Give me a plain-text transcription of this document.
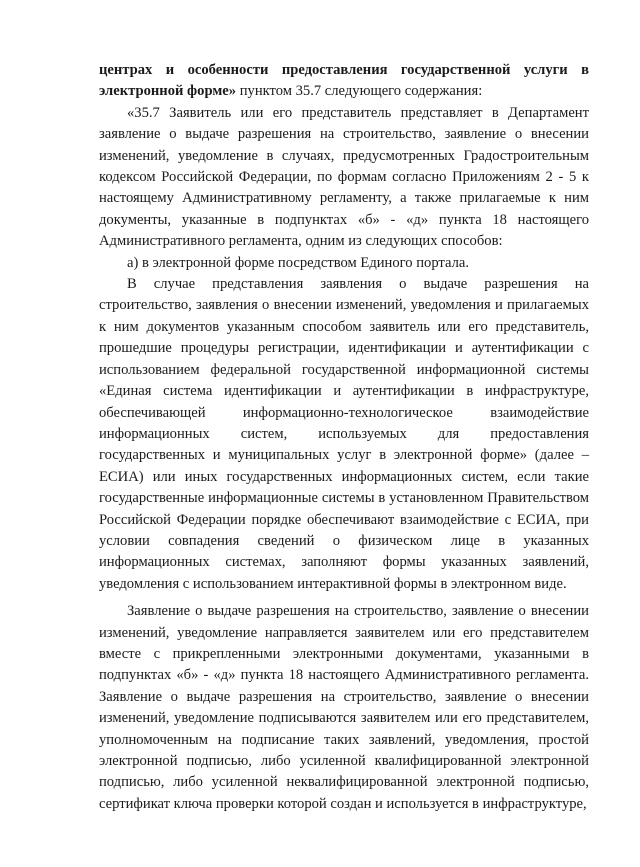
центрах и особенности предоставления государственной услуги в электронной форме» пунктом 35.7 следующего содержания:

«35.7 Заявитель или его представитель представляет в Департамент заявление о выдаче разрешения на строительство, заявление о внесении изменений, уведомление в случаях, предусмотренных Градостроительным кодексом Российской Федерации, по формам согласно Приложениям 2 - 5 к настоящему Административному регламенту, а также прилагаемые к ним документы, указанные в подпунктах «б» - «д» пункта 18 настоящего Административного регламента, одним из следующих способов:

а) в электронной форме посредством Единого портала.

В случае представления заявления о выдаче разрешения на строительство, заявления о внесении изменений, уведомления и прилагаемых к ним документов указанным способом заявитель или его представитель, прошедшие процедуры регистрации, идентификации и аутентификации с использованием федеральной государственной информационной системы «Единая система идентификации и аутентификации в инфраструктуре, обеспечивающей информационно-технологическое взаимодействие информационных систем, используемых для предоставления государственных и муниципальных услуг в электронной форме» (далее – ЕСИА) или иных государственных информационных систем, если такие государственные информационные системы в установленном Правительством Российской Федерации порядке обеспечивают взаимодействие с ЕСИА, при условии совпадения сведений о физическом лице в указанных информационных системах, заполняют формы указанных заявлений, уведомления с использованием интерактивной формы в электронном виде.

Заявление о выдаче разрешения на строительство, заявление о внесении изменений, уведомление направляется заявителем или его представителем вместе с прикрепленными электронными документами, указанными в подпунктах «б» - «д» пункта 18 настоящего Административного регламента. Заявление о выдаче разрешения на строительство, заявление о внесении изменений, уведомление подписываются заявителем или его представителем, уполномоченным на подписание таких заявлений, уведомления, простой электронной подписью, либо усиленной квалифицированной электронной подписью, либо усиленной неквалифицированной электронной подписью, сертификат ключа проверки которой создан и используется в инфраструктуре,
